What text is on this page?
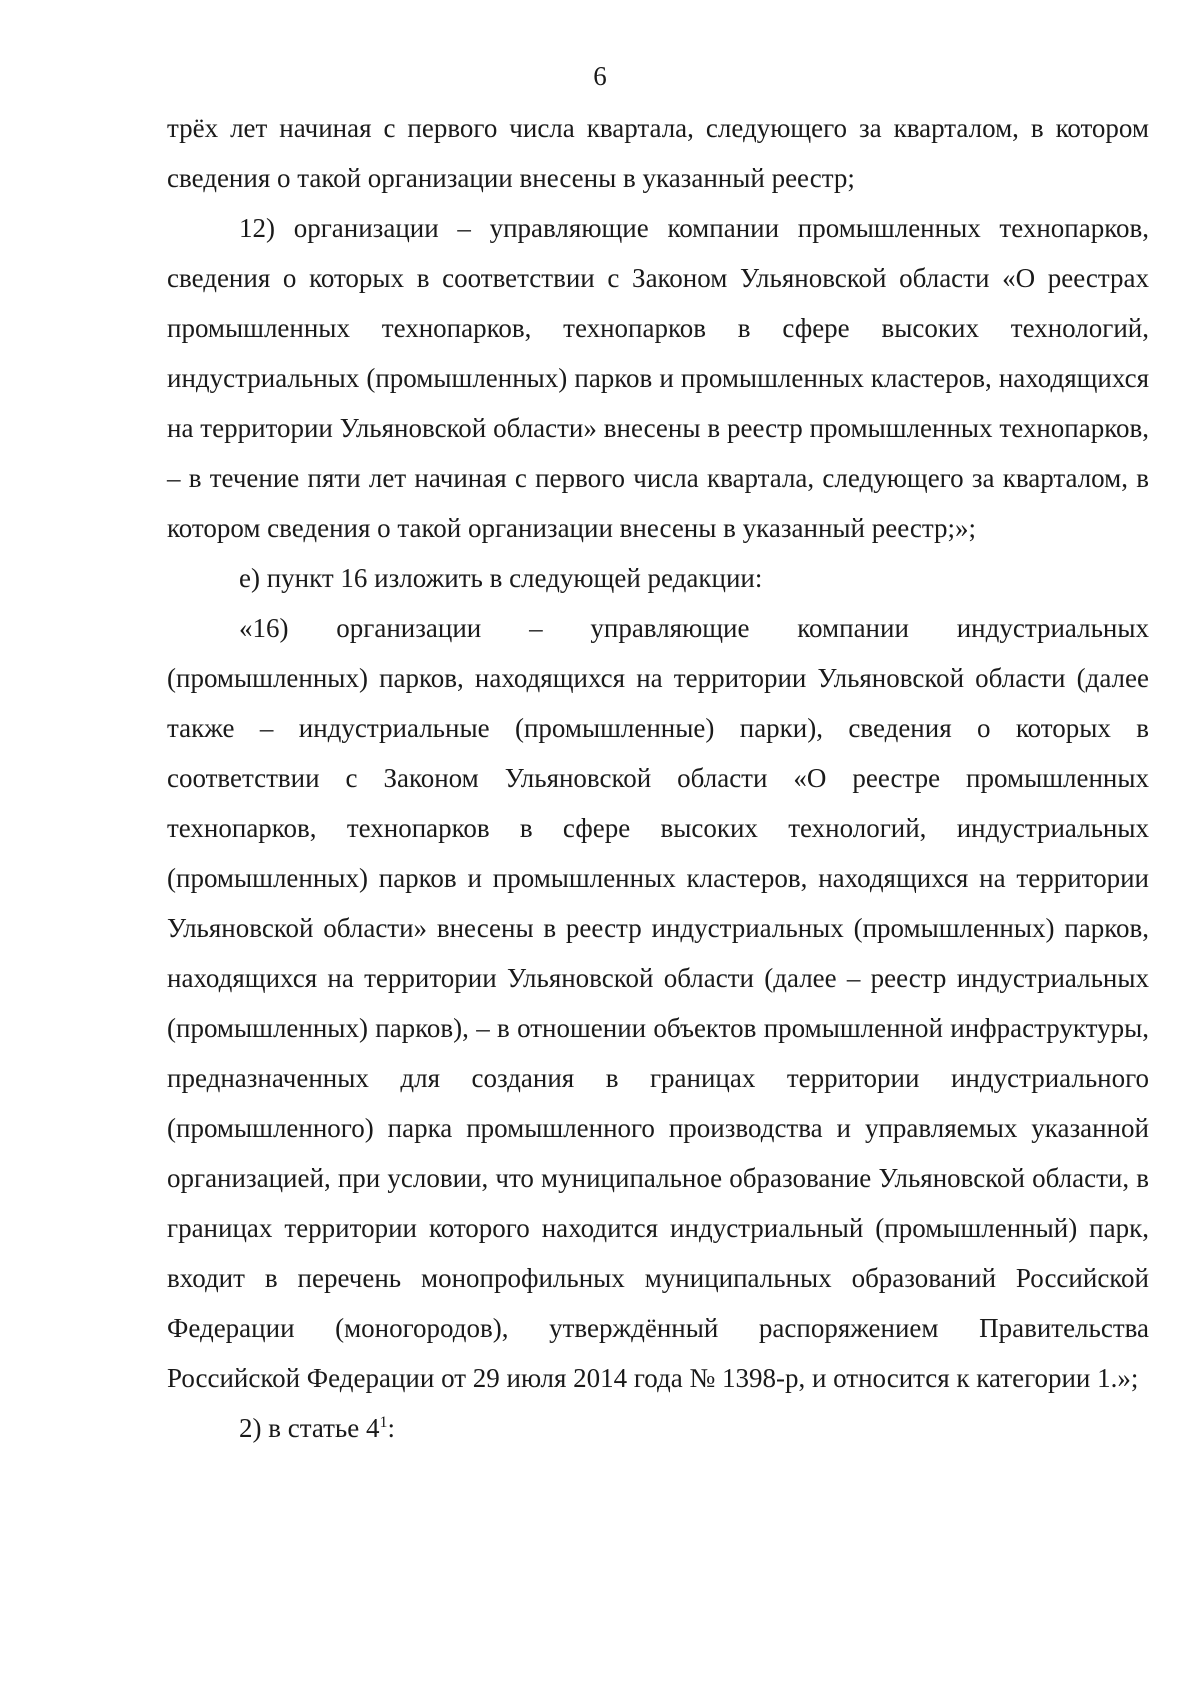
6

трёх лет начиная с первого числа квартала, следующего за кварталом, в котором сведения о такой организации внесены в указанный реестр;

12) организации – управляющие компании промышленных технопарков, сведения о которых в соответствии с Законом Ульяновской области «О реестрах промышленных технопарков, технопарков в сфере высоких технологий, индустриальных (промышленных) парков и промышленных кластеров, находящихся на территории Ульяновской области» внесены в реестр промышленных технопарков, – в течение пяти лет начиная с первого числа квартала, следующего за кварталом, в котором сведения о такой организации внесены в указанный реестр;»;

е) пункт 16 изложить в следующей редакции:

«16) организации – управляющие компании индустриальных (промышленных) парков, находящихся на территории Ульяновской области (далее также – индустриальные (промышленные) парки), сведения о которых в соответствии с Законом Ульяновской области «О реестре промышленных технопарков, технопарков в сфере высоких технологий, индустриальных (промышленных) парков и промышленных кластеров, находящихся на территории Ульяновской области» внесены в реестр индустриальных (промышленных) парков, находящихся на территории Ульяновской области (далее – реестр индустриальных (промышленных) парков), – в отношении объектов промышленной инфраструктуры, предназначенных для создания в границах территории индустриального (промышленного) парка промышленного производства и управляемых указанной организацией, при условии, что муниципальное образование Ульяновской области, в границах территории которого находится индустриальный (промышленный) парк, входит в перечень монопрофильных муниципальных образований Российской Федерации (моногородов), утверждённый распоряжением Правительства Российской Федерации от 29 июля 2014 года № 1398-р, и относится к категории 1.»;

2) в статье $4^1$:
